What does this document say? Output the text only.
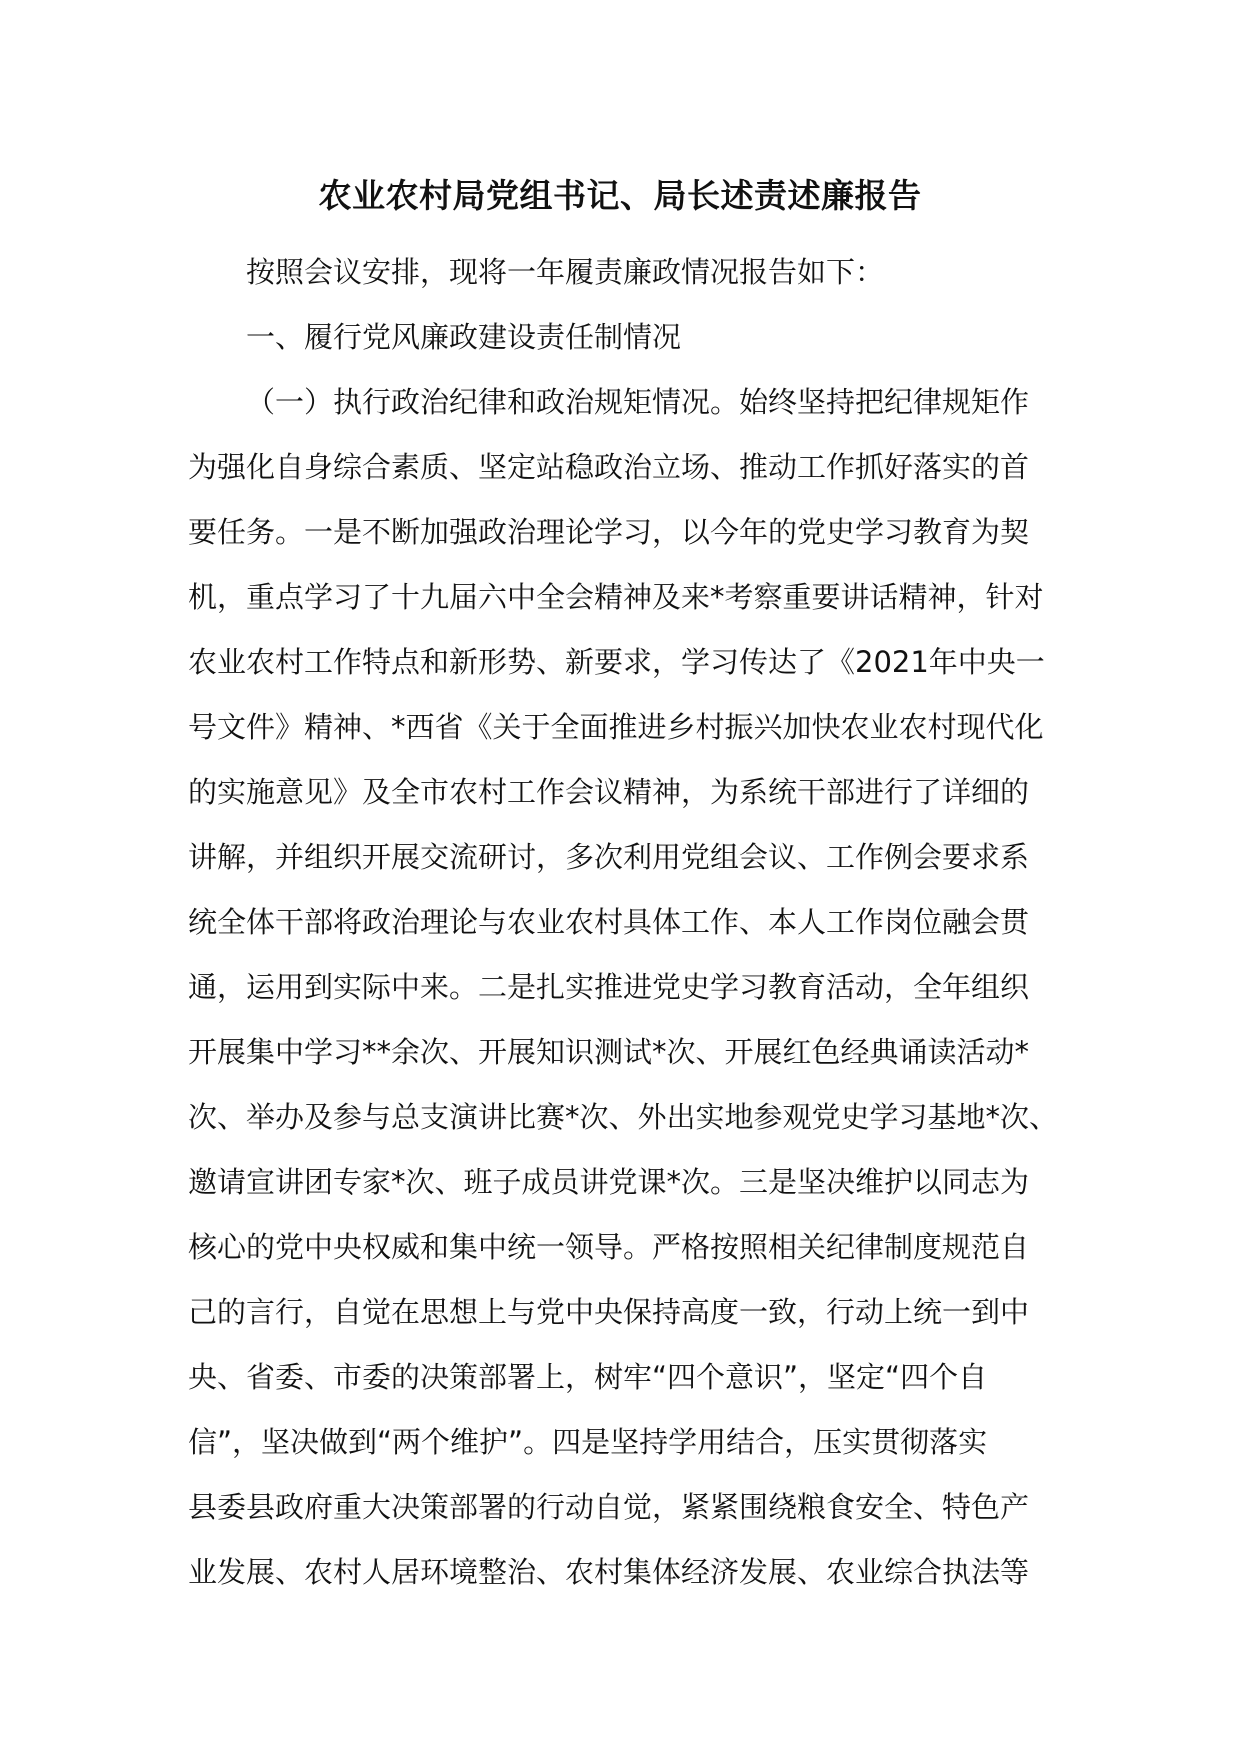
农业农村局党组书记、局长述责述廉报告
按照会议安排，现将一年履责廉政情况报告如下：
一、履行党风廉政建设责任制情况
（一）执行政治纪律和政治规矩情况。始终坚持把纪律规矩作
为强化自身综合素质、坚定站稳政治立场、推动工作抓好落实的首
要任务。一是不断加强政治理论学习，以今年的党史学习教育为契
机，重点学习了十九届六中全会精神及来*考察重要讲话精神，针对
农业农村工作特点和新形势、新要求，学习传达了《2021年中央一
号文件》精神、*西省《关于全面推进乡村振兴加快农业农村现代化
的实施意见》及全市农村工作会议精神，为系统干部进行了详细的
讲解，并组织开展交流研讨，多次利用党组会议、工作例会要求系
统全体干部将政治理论与农业农村具体工作、本人工作岗位融会贯
通，运用到实际中来。二是扎实推进党史学习教育活动，全年组织
开展集中学习**余次、开展知识测试*次、开展红色经典诵读活动*
次、举办及参与总支演讲比赛*次、外出实地参观党史学习基地*次、
邀请宣讲团专家*次、班子成员讲党课*次。三是坚决维护以同志为
核心的党中央权威和集中统一领导。严格按照相关纪律制度规范自
己的言行，自觉在思想上与党中央保持高度一致，行动上统一到中
央、省委、市委的决策部署上，树牢“四个意识”，坚定“四个自
信”，坚决做到“两个维护”。四是坚持学用结合，压实贯彻落实
县委县政府重大决策部署的行动自觉，紧紧围绕粮食安全、特色产
业发展、农村人居环境整治、农村集体经济发展、农业综合执法等
